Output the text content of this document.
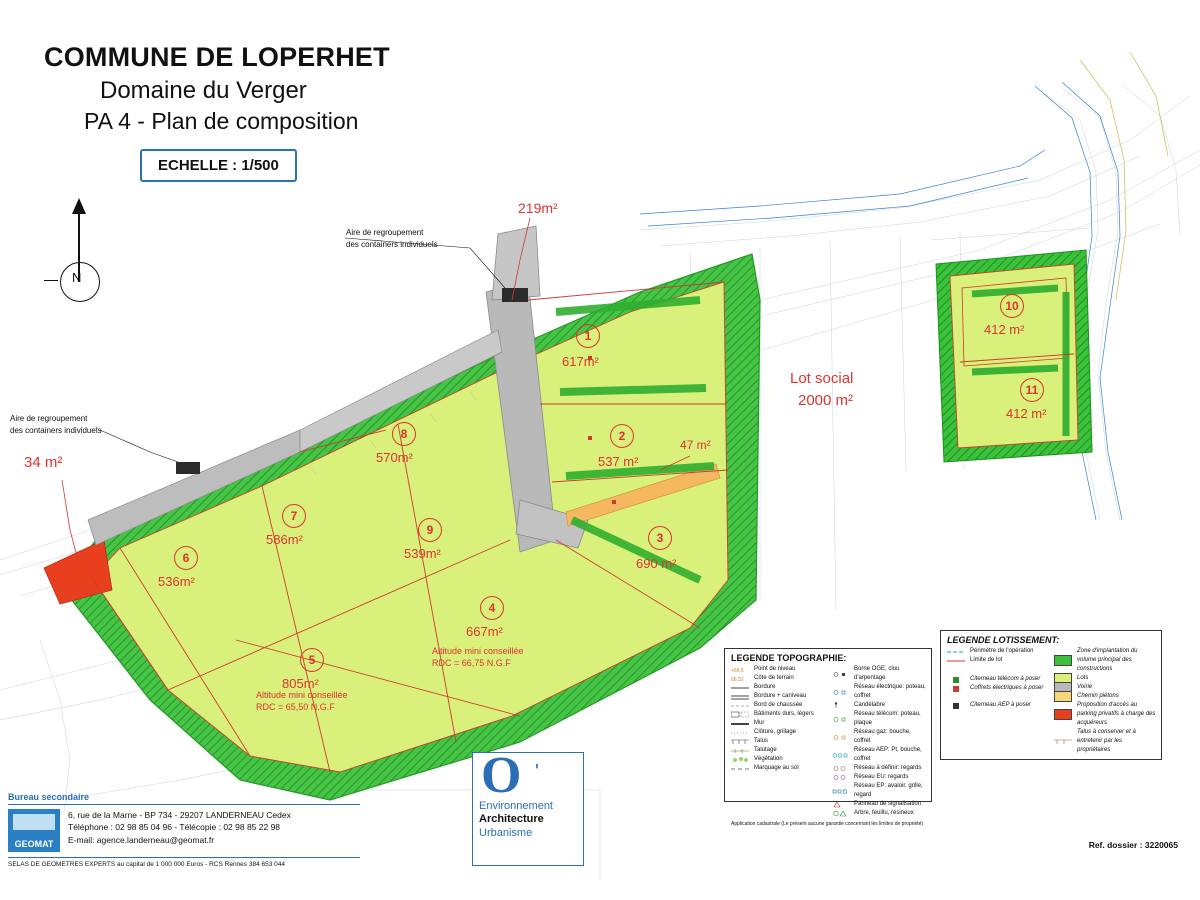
COMMUNE DE LOPERHET
Domaine du Verger
PA 4 - Plan de composition
ECHELLE : 1/500
N
Aire de regroupement
des containers individuels
Aire de regroupement
des containers individuels
34 m²
219m²
47 m²
Lot social
2000 m²
1
617m²
2
537 m²
3
690 m²
4
667m²
5
805m²
6
536m²
7
586m²
8
570m²
9
539m²
10
412 m²
11
412 m²
Altitude mini conseillée
RDC = 66,75 N.G.F
Altitude mini conseillée
RDC = 65,50 N.G.F
LEGENDE TOPOGRAPHIE:
+66.5 Point de niveau
66.52 Côte de terrain
Bordure
Bordure + caniveau
Bord de chaussée
Bâtiments durs, légers
Mur
Clôture, grillage
Talus
Talutage
Végétation
Marquage au sol
Borne OGE, clou d'arpentage
Réseau électrique: poteau, coffret
Candélabre
Réseau télécom: poteau, plaque
Réseau gaz: bouche, coffret
Réseau AEP: Pt, bouche, coffret
Réseau à définir: regards
Réseau EU: regards
Réseau EP: avaloir, grille, regard
Panneau de signalisation
Arbre, feuillu, résineux
Application cadastrale (Le présent aucune garantie concernant les limites de propriété)
LEGENDE LOTISSEMENT:
Périmètre de l'opération
Limite de lot
Citerneau télécom à poser
Coffrets électriques à poser
Citerneau AEP à poser
Zone d'implantation du volume principal des constructions
Lots
Voirie
Chemin piétons
Proposition d'accès au parking privatifs à charge des acquéreurs
Talus à conserver et à entretenir par les propriétaires
O '
Environnement
Architecture
Urbanisme
Bureau secondaire
GEOMAT
6, rue de la Marne - BP 734 - 29207 LANDERNEAU Cedex
Téléphone : 02 98 85 04 96 - Télécopie : 02 98 85 22 98
E-mail: agence.landerneau@geomat.fr
SELAS DE GEOMETRES EXPERTS au capital de 1 000 000 Euros - RCS Rennes 384 653 044
Ref. dossier : 3220065
